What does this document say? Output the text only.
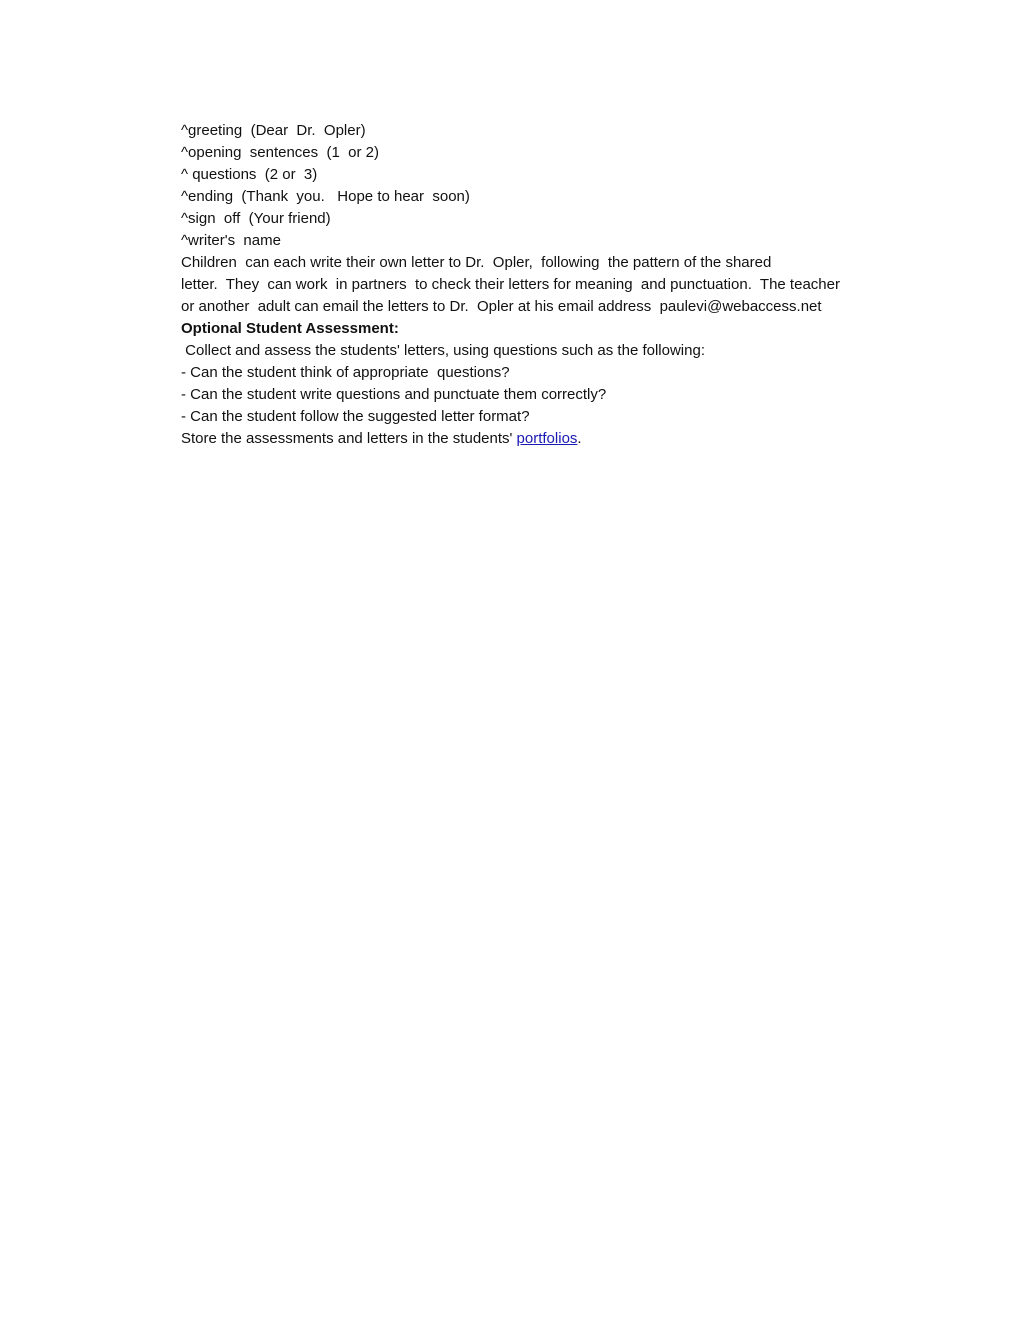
^greeting  (Dear  Dr.  Opler)
^opening  sentences  (1  or 2)
^ questions  (2 or  3)
^ending  (Thank  you.   Hope to hear  soon)
^sign  off  (Your friend)
^writer's  name
Children  can each write their own letter to Dr.  Opler,  following  the pattern of the shared
letter.  They  can work  in partners  to check their letters for meaning  and punctuation.  The teacher
or another  adult can email the letters to Dr.  Opler at his email address  paulevi@webaccess.net
Optional Student Assessment:
Collect and assess the students' letters, using questions such as the following:
- Can the student think of appropriate  questions?
- Can the student write questions and punctuate them correctly?
- Can the student follow the suggested letter format?
Store the assessments and letters in the students' portfolios.
